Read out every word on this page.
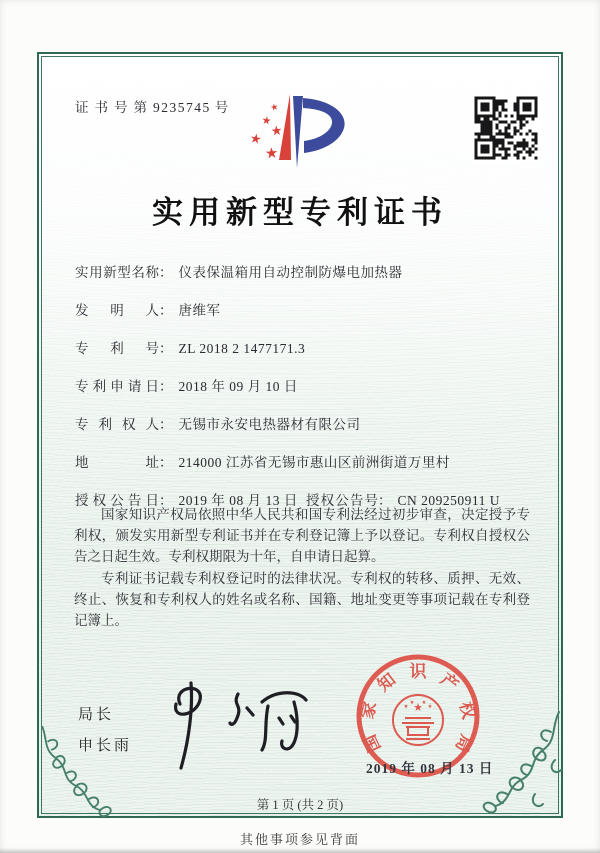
证书号第9235745 号	★
★
★
★
★
实用新型专利证书
实用新型名称： 仪表保温箱用自动控制防爆电加热器
发明人： 唐维军
专利号： ZL 2018 2 1477171.3
专利申请日： 2018 年 09 月 10 日
专利权人： 无锡市永安电热器材有限公司
地址： 214000 江苏省无锡市惠山区前洲街道万里村
授权公告日： 2019 年 08 月 13 日 授权公告号： CN 209250911 U

国家知识产权局依照中华人民共和国专利法经过初步审查，决定授予专利权，颁发实用新型专利证书并在专利登记簿上予以登记。专利权自授权公告之日起生效。专利权期限为十年，自申请日起算。

专利证书记载专利权登记时的法律状况。专利权的转移、质押、无效、终止、恢复和专利权人的姓名或名称、国籍、地址变更等事项记载在专利登记簿上。

局长
申长雨	国
家
知 识 产
权
局
★
★
★ ★
★
2019 年 08 月 13 日
第 1 页 (共 2 页)
其他事项参见背面
